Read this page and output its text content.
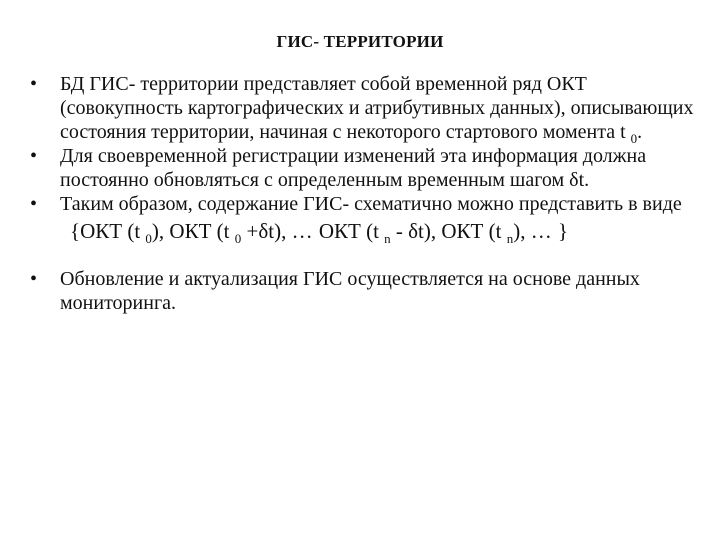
ГИС- ТЕРРИТОРИИ
•	БД ГИС- территории представляет собой временной ряд ОКТ (совокупность картографических и атрибутивных данных), описывающих состояния территории, начиная с некоторого стартового момента t $_0$.
•	Для своевременной регистрации изменений эта информация должна постоянно обновляться с определенным временным шагом δt.
•	Таким образом, содержание ГИС- схематично можно представить в виде
{ОКТ (t $_0$), ОКТ (t $_0$ +δt), … ОКТ (t $_n$ - δt), ОКТ (t $_n$), … }
•	Обновление и актуализация ГИС осуществляется на основе данных мониторинга.
